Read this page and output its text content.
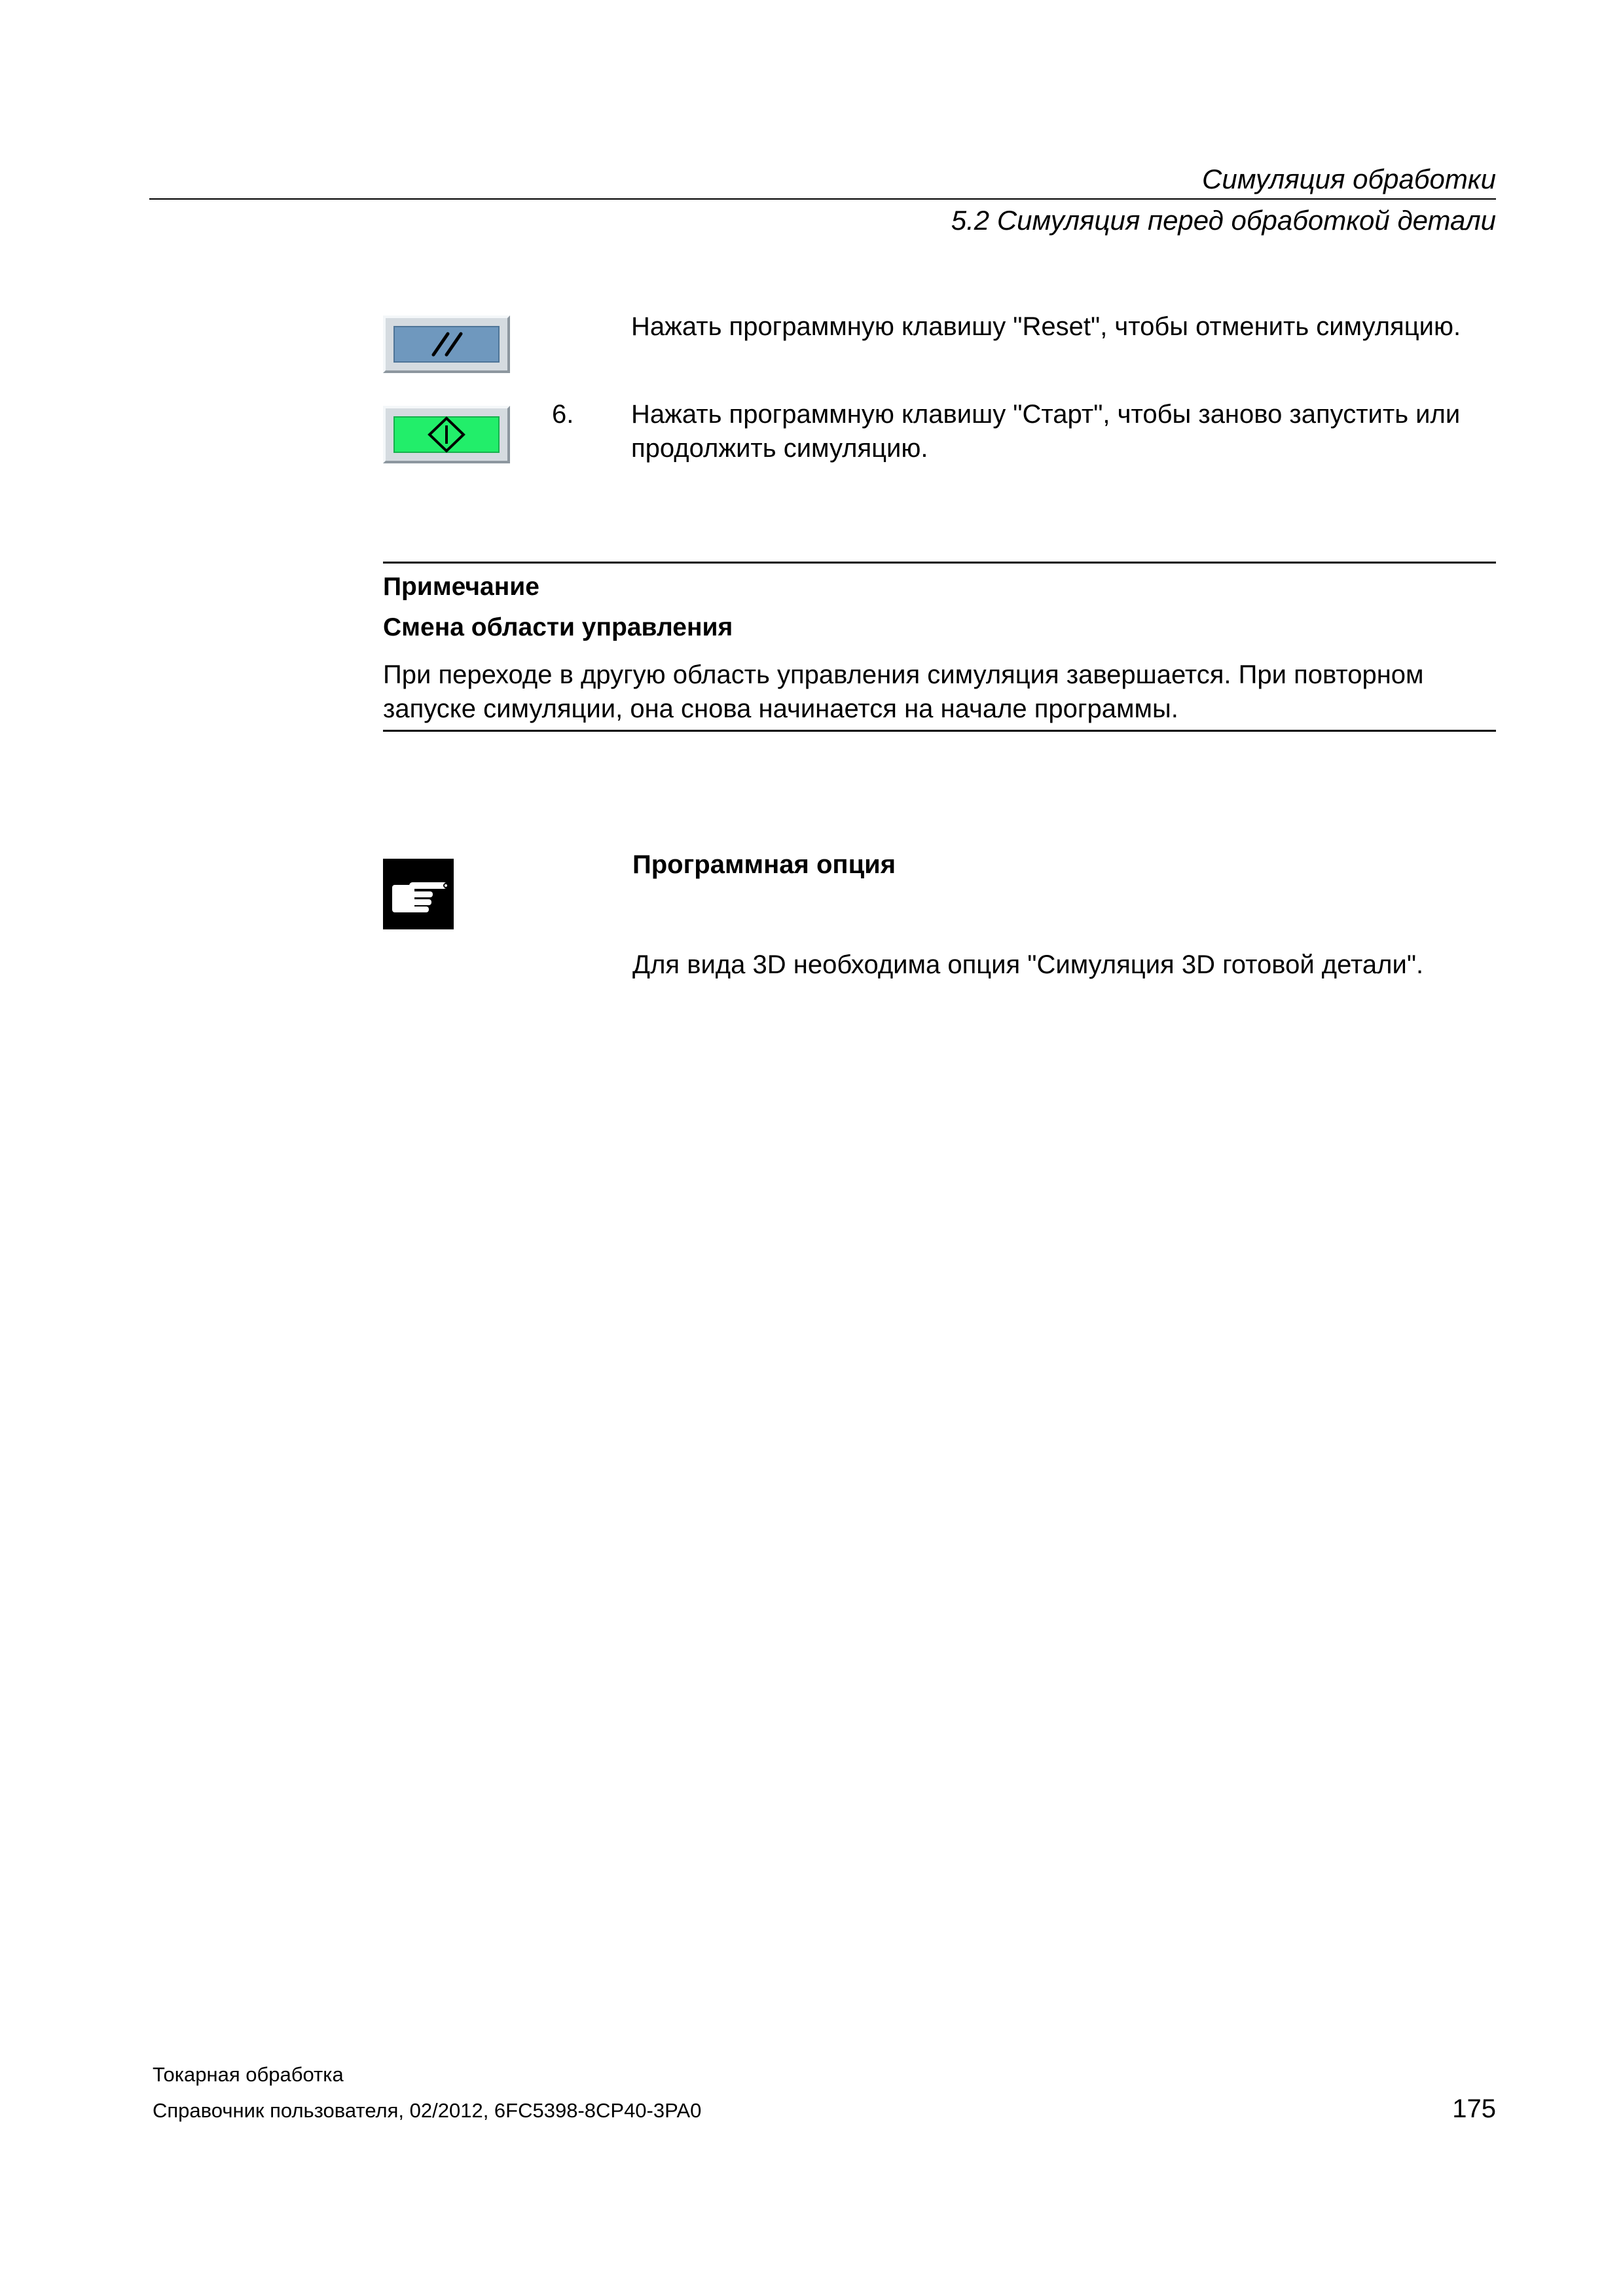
Симуляция обработки
5.2 Симуляция перед обработкой детали
Нажать программную клавишу "Reset", чтобы отменить симуляцию.
6. Нажать программную клавишу "Старт", чтобы заново запустить или продолжить симуляцию.
Примечание
Смена области управления
При переходе в другую область управления симуляция завершается. При повторном запуске симуляции, она снова начинается на начале программы.
Программная опция
Для вида 3D необходима опция "Симуляция 3D готовой детали".
Токарная обработка
Справочник пользователя, 02/2012, 6FC5398-8CP40-3PA0	175
